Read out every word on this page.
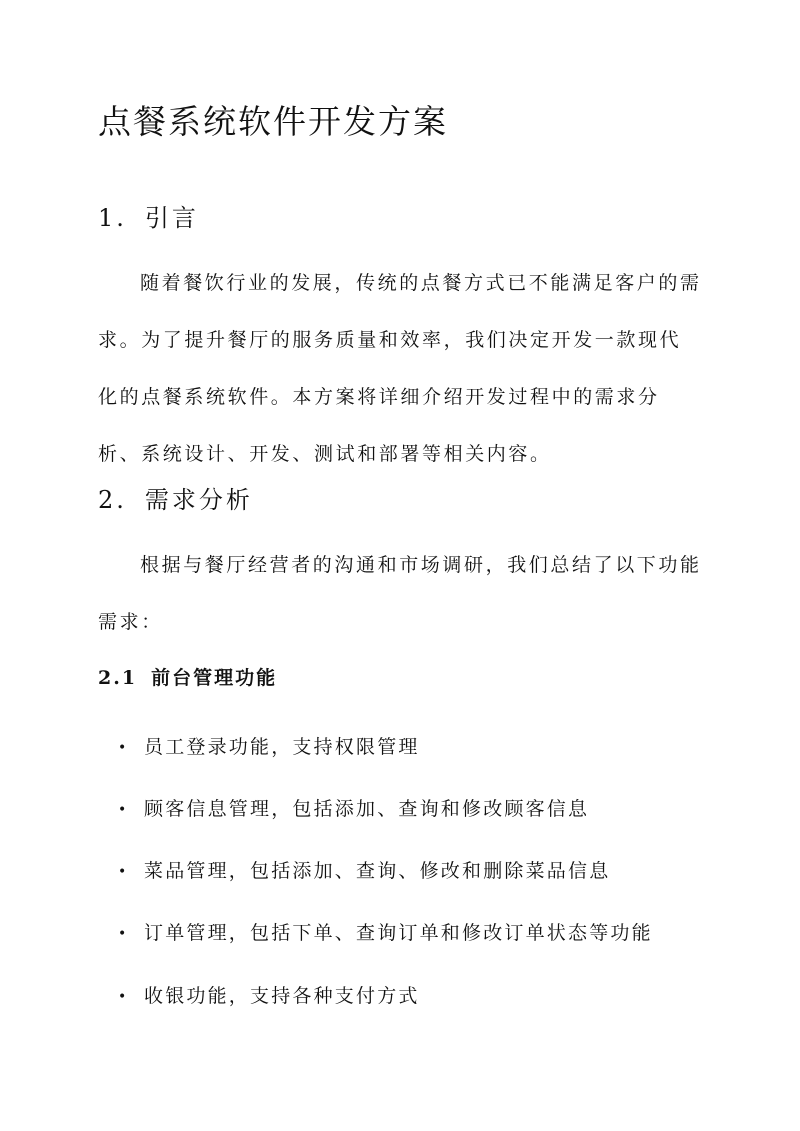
点餐系统软件开发方案
1. 引言

随着餐饮行业的发展，传统的点餐方式已不能满足客户的需求。为了提升餐厅的服务质量和效率，我们决定开发一款现代化的点餐系统软件。本方案将详细介绍开发过程中的需求分析、系统设计、开发、测试和部署等相关内容。

2. 需求分析

根据与餐厅经营者的沟通和市场调研，我们总结了以下功能需求：

2.1 前台管理功能
• 员工登录功能，支持权限管理
• 顾客信息管理，包括添加、查询和修改顾客信息
• 菜品管理，包括添加、查询、修改和删除菜品信息
• 订单管理，包括下单、查询订单和修改订单状态等功能
• 收银功能，支持各种支付方式
